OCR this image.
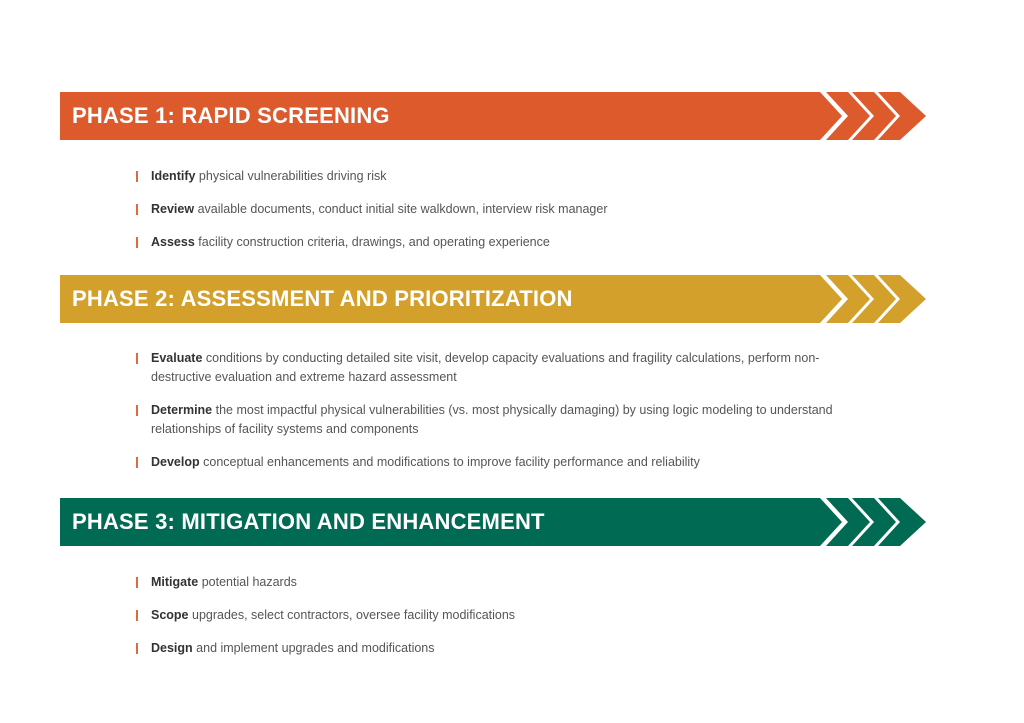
PHASE 1: RAPID SCREENING
Identify physical vulnerabilities driving risk
Review available documents, conduct initial site walkdown, interview risk manager
Assess facility construction criteria, drawings, and operating experience
PHASE 2: ASSESSMENT AND PRIORITIZATION
Evaluate conditions by conducting detailed site visit, develop capacity evaluations and fragility calculations, perform non-destructive evaluation and extreme hazard assessment
Determine the most impactful physical vulnerabilities (vs. most physically damaging) by using logic modeling to understand relationships of facility systems and components
Develop conceptual enhancements and modifications to improve facility performance and reliability
PHASE 3: MITIGATION AND ENHANCEMENT
Mitigate potential hazards
Scope upgrades, select contractors, oversee facility modifications
Design and implement upgrades and modifications
